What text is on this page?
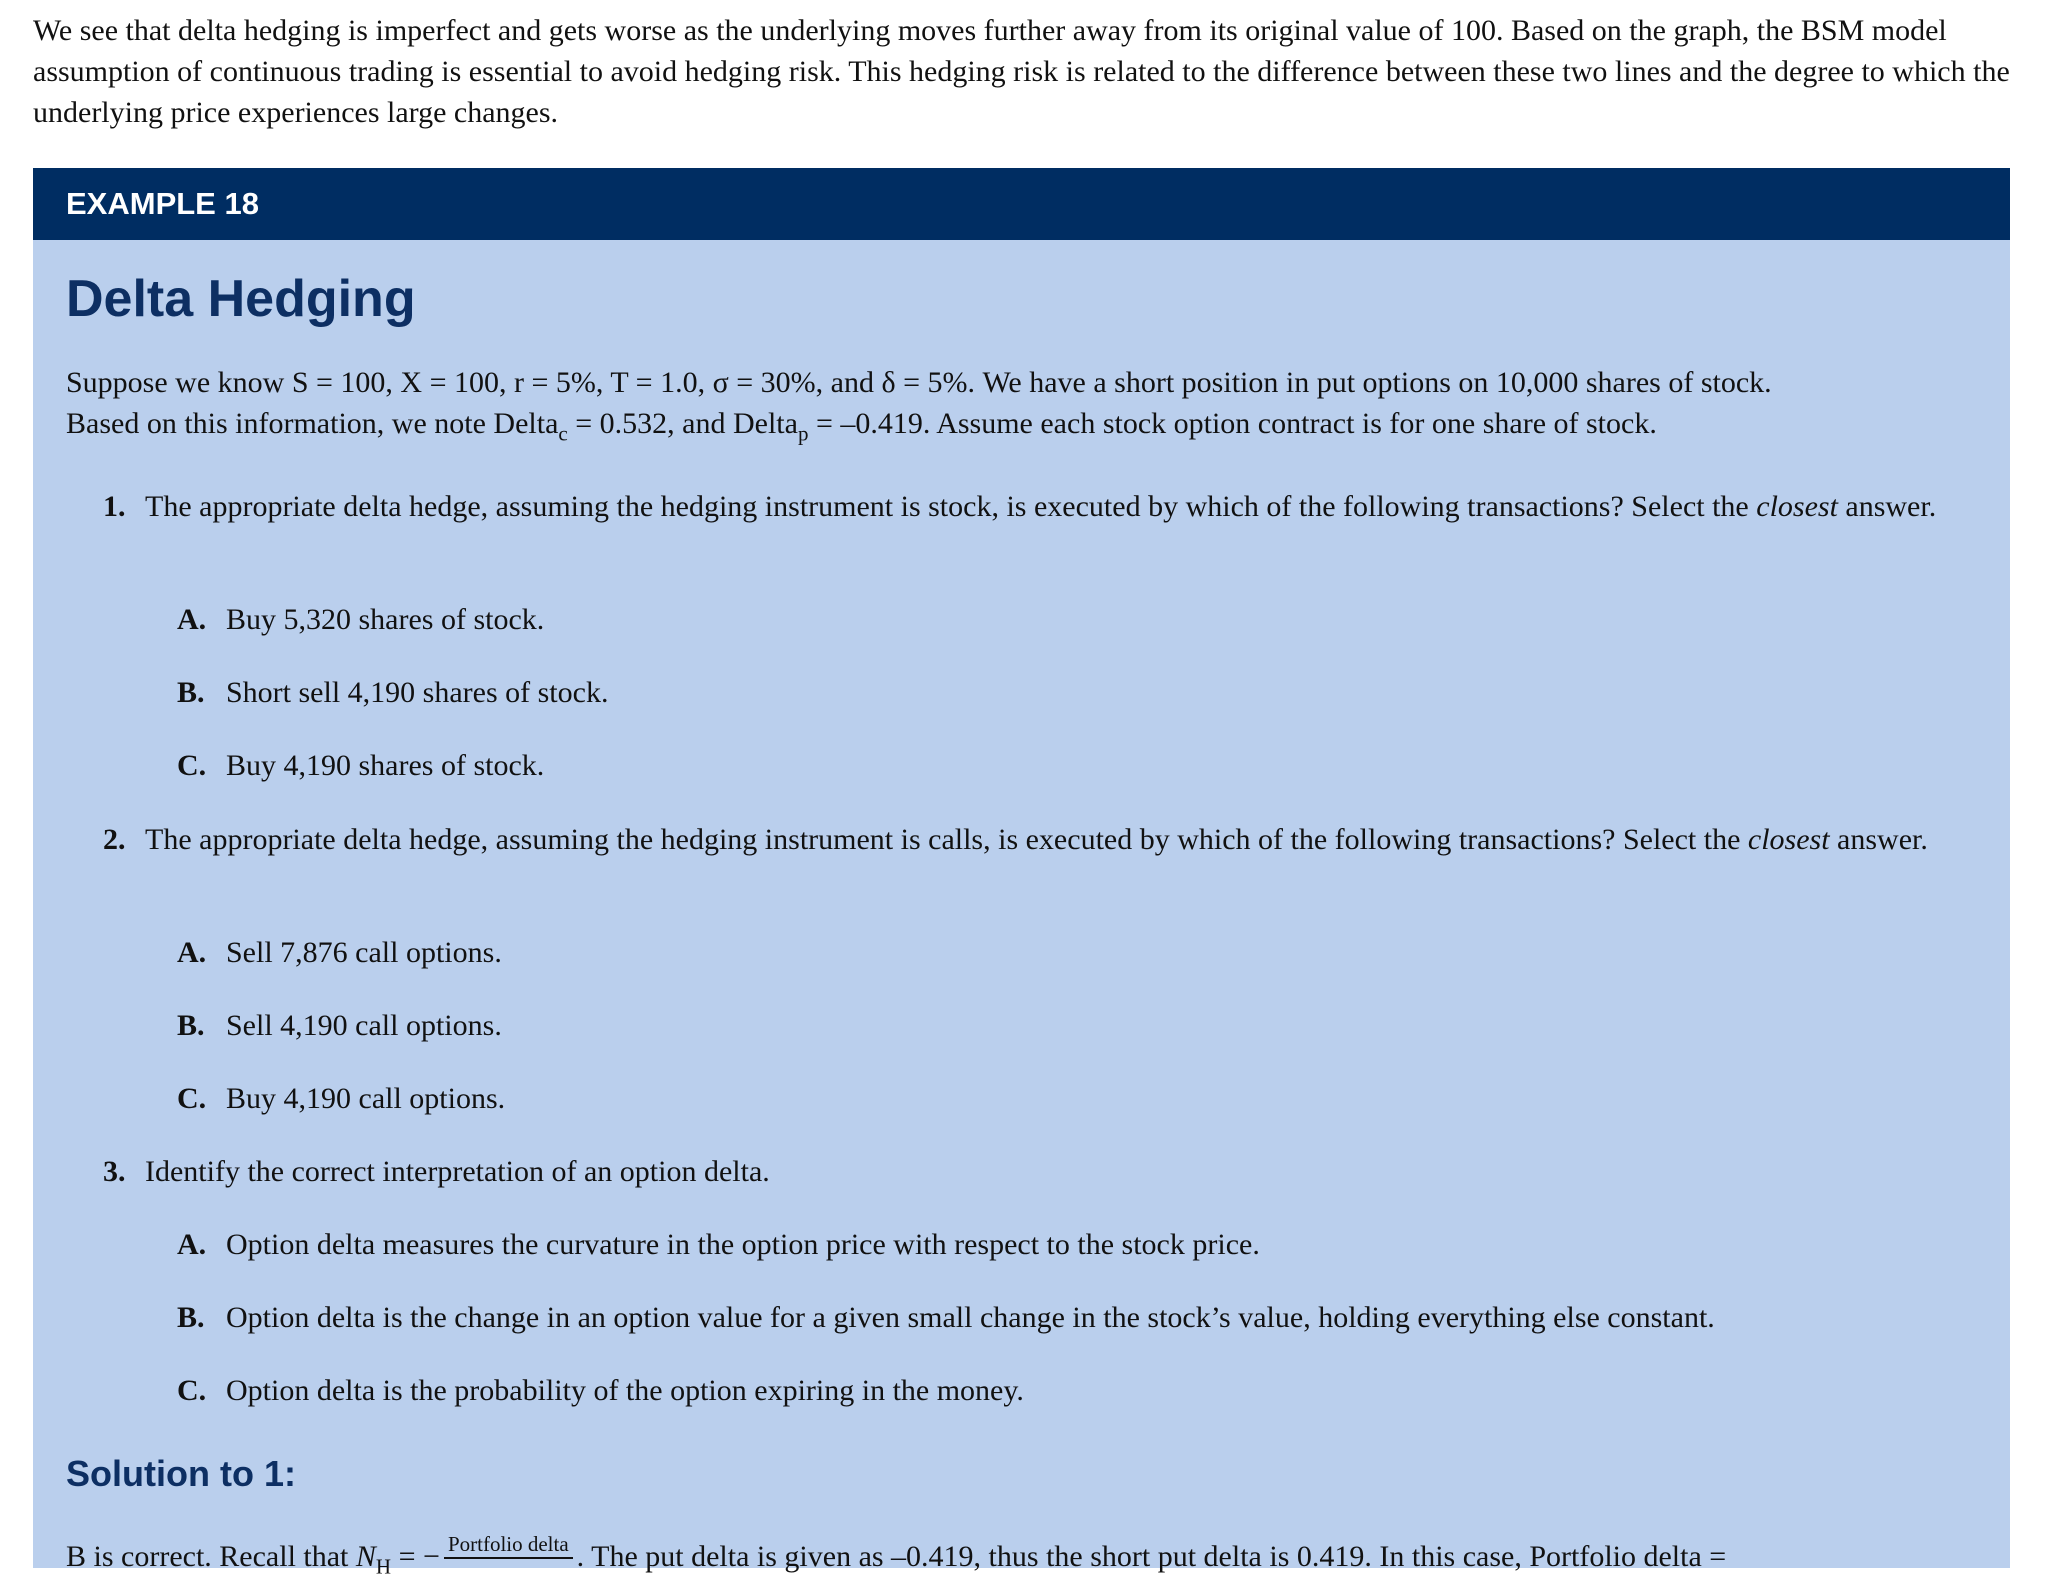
We see that delta hedging is imperfect and gets worse as the underlying moves further away from its original value of 100. Based on the graph, the BSM model assumption of continuous trading is essential to avoid hedging risk. This hedging risk is related to the difference between these two lines and the degree to which the underlying price experiences large changes.

EXAMPLE 18
Delta Hedging

Suppose we know S = 100, X = 100, r = 5%, T = 1.0, σ = 30%, and δ = 5%. We have a short position in put options on 10,000 shares of stock.
Based on this information, we note Delta$_c$ = 0.532, and Delta$_p$ = –0.419. Assume each stock option contract is for one share of stock.

1. The appropriate delta hedge, assuming the hedging instrument is stock, is executed by which of the following transactions? Select the closest answer.
A. Buy 5,320 shares of stock.
B. Short sell 4,190 shares of stock.
C. Buy 4,190 shares of stock.
2. The appropriate delta hedge, assuming the hedging instrument is calls, is executed by which of the following transactions? Select the closest answer.
A. Sell 7,876 call options.
B. Sell 4,190 call options.
C. Buy 4,190 call options.
3. Identify the correct interpretation of an option delta.
A. Option delta measures the curvature in the option price with respect to the stock price.
B. Option delta is the change in an option value for a given small change in the stock’s value, holding everything else constant.
C. Option delta is the probability of the option expiring in the money.
Solution to 1:
B is correct. Recall that $N_H$ = − Portfolio delta . The put delta is given as –0.419, thus the short put delta is 0.419. In this case, Portfolio delta =
